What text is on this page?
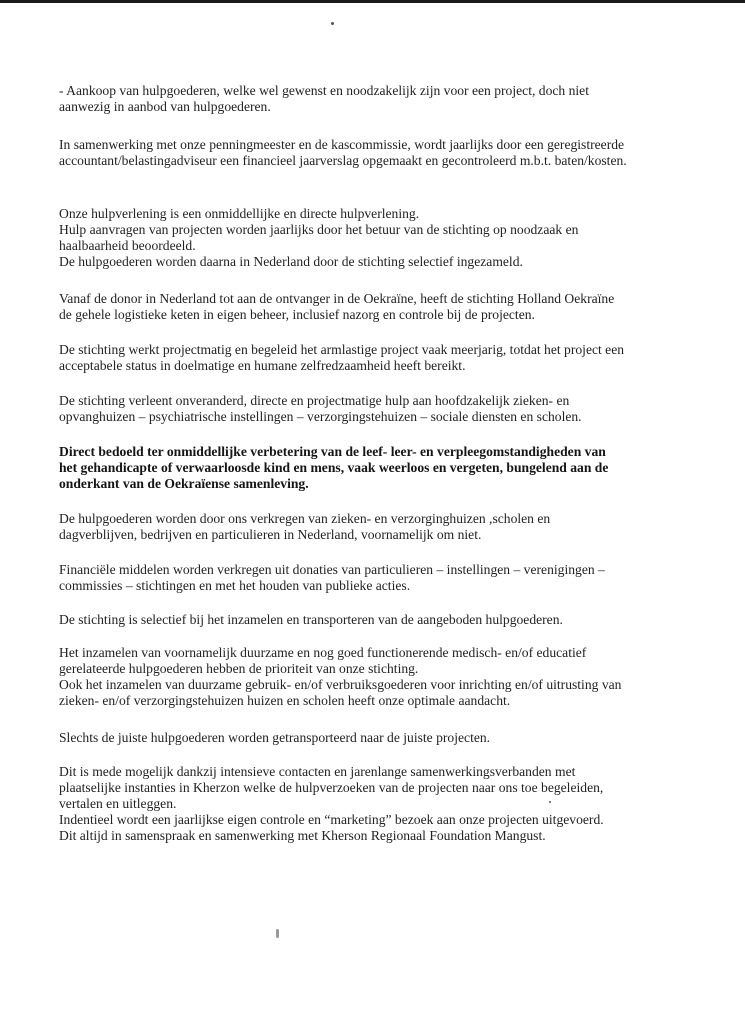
- Aankoop van hulpgoederen, welke wel gewenst en noodzakelijk zijn voor een project, doch niet
aanwezig in aanbod van hulpgoederen.

In samenwerking met onze penningmeester en de kascommissie, wordt jaarlijks door een geregistreerde
accountant/belastingadviseur een financieel jaarverslag opgemaakt en gecontroleerd m.b.t. baten/kosten.

Onze hulpverlening is een onmiddellijke en directe hulpverlening.
Hulp aanvragen van projecten worden jaarlijks door het betuur van de stichting op noodzaak en
haalbaarheid beoordeeld.
De hulpgoederen worden daarna in Nederland door de stichting selectief ingezameld.

Vanaf de donor in Nederland tot aan de ontvanger in de Oekraïne, heeft de stichting Holland Oekraïne
de gehele logistieke keten in eigen beheer, inclusief nazorg en controle bij de projecten.

De stichting werkt projectmatig en begeleid het armlastige project vaak meerjarig, totdat het project een
acceptabele status in doelmatige en humane zelfredzaamheid heeft bereikt.

De stichting verleent onveranderd, directe en projectmatige hulp aan hoofdzakelijk zieken- en
opvanghuizen – psychiatrische instellingen – verzorgingstehuizen – sociale diensten en scholen.

Direct bedoeld ter onmiddellijke verbetering van de leef- leer- en verpleegomstandigheden van
het gehandicapte of verwaarloosde kind en mens, vaak weerloos en vergeten, bungelend aan de
onderkant van de Oekraïense samenleving.

De hulpgoederen worden door ons verkregen van zieken- en verzorginghuizen ,scholen en
dagverblijven, bedrijven en particulieren in Nederland, voornamelijk om niet.

Financiële middelen worden verkregen uit donaties van particulieren – instellingen – verenigingen –
commissies – stichtingen en met het houden van publieke acties.

De stichting is selectief bij het inzamelen en transporteren van de aangeboden hulpgoederen.

Het inzamelen van voornamelijk duurzame en nog goed functionerende medisch- en/of educatief
gerelateerde hulpgoederen hebben de prioriteit van onze stichting.
Ook het inzamelen van duurzame gebruik- en/of verbruiksgoederen voor inrichting en/of uitrusting van
zieken- en/of verzorgingstehuizen huizen en scholen heeft onze optimale aandacht.

Slechts de juiste hulpgoederen worden getransporteerd naar de juiste projecten.

Dit is mede mogelijk dankzij intensieve contacten en jarenlange samenwerkingsverbanden met
plaatselijke instanties in Kherzon welke de hulpverzoeken van de projecten naar ons toe begeleiden,
vertalen en uitleggen.
Indentieel wordt een jaarlijkse eigen controle en “marketing” bezoek aan onze projecten uitgevoerd.
Dit altijd in samenspraak en samenwerking met Kherson Regionaal Foundation Mangust.
